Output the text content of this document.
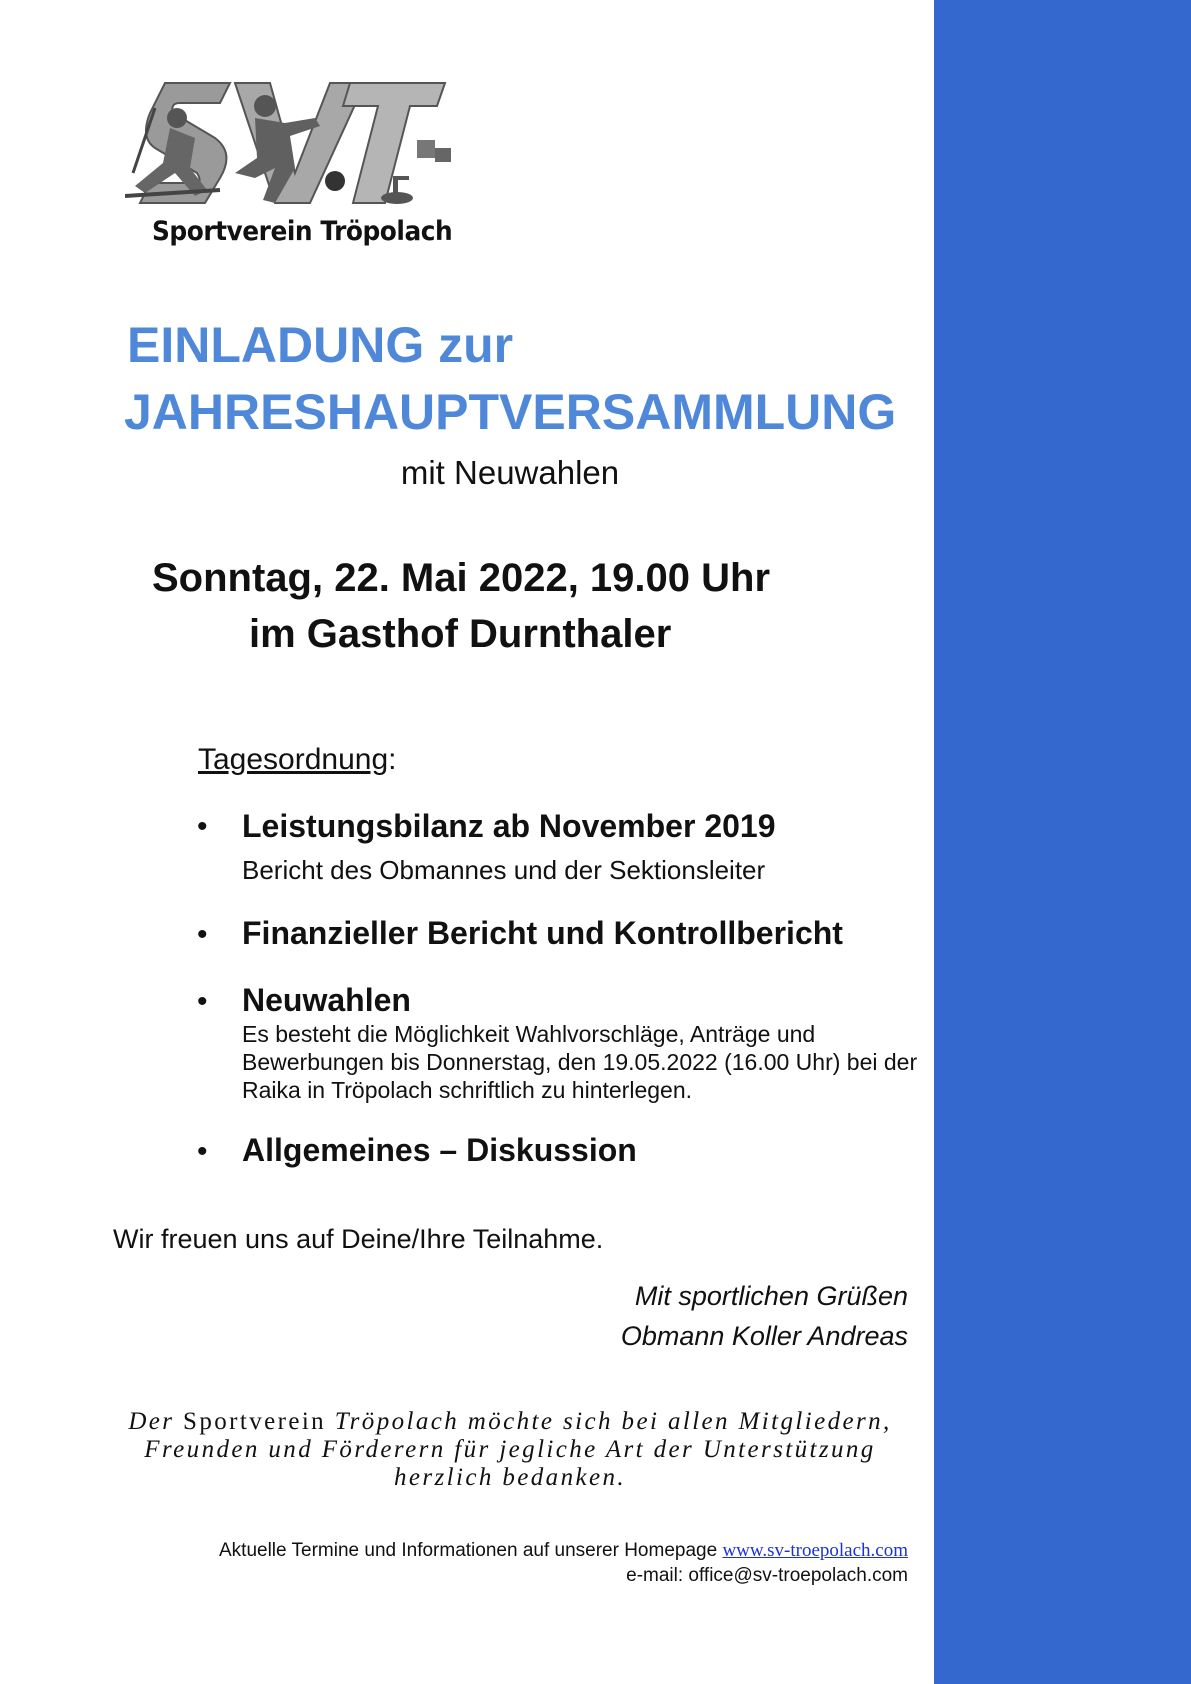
Sportverein Tröpolach
EINLADUNG zur
JAHRESHAUPTVERSAMMLUNG
mit Neuwahlen
Sonntag, 22. Mai 2022, 19.00 Uhr
im Gasthof Durnthaler
Tagesordnung:
• Leistungsbilanz ab November 2019
Bericht des Obmannes und der Sektionsleiter
• Finanzieller Bericht und Kontrollbericht
• Neuwahlen
Es besteht die Möglichkeit Wahlvorschläge, Anträge und Bewerbungen bis Donnerstag, den 19.05.2022 (16.00 Uhr) bei der Raika in Tröpolach schriftlich zu hinterlegen.
• Allgemeines – Diskussion
Wir freuen uns auf Deine/Ihre Teilnahme.
Mit sportlichen Grüßen
Obmann Koller Andreas
Der Sportverein Tröpolach möchte sich bei allen Mitgliedern, Freunden und Förderern für jegliche Art der Unterstützung herzlich bedanken.
Aktuelle Termine und Informationen auf unserer Homepage www.sv-troepolach.com
e-mail: office@sv-troepolach.com
